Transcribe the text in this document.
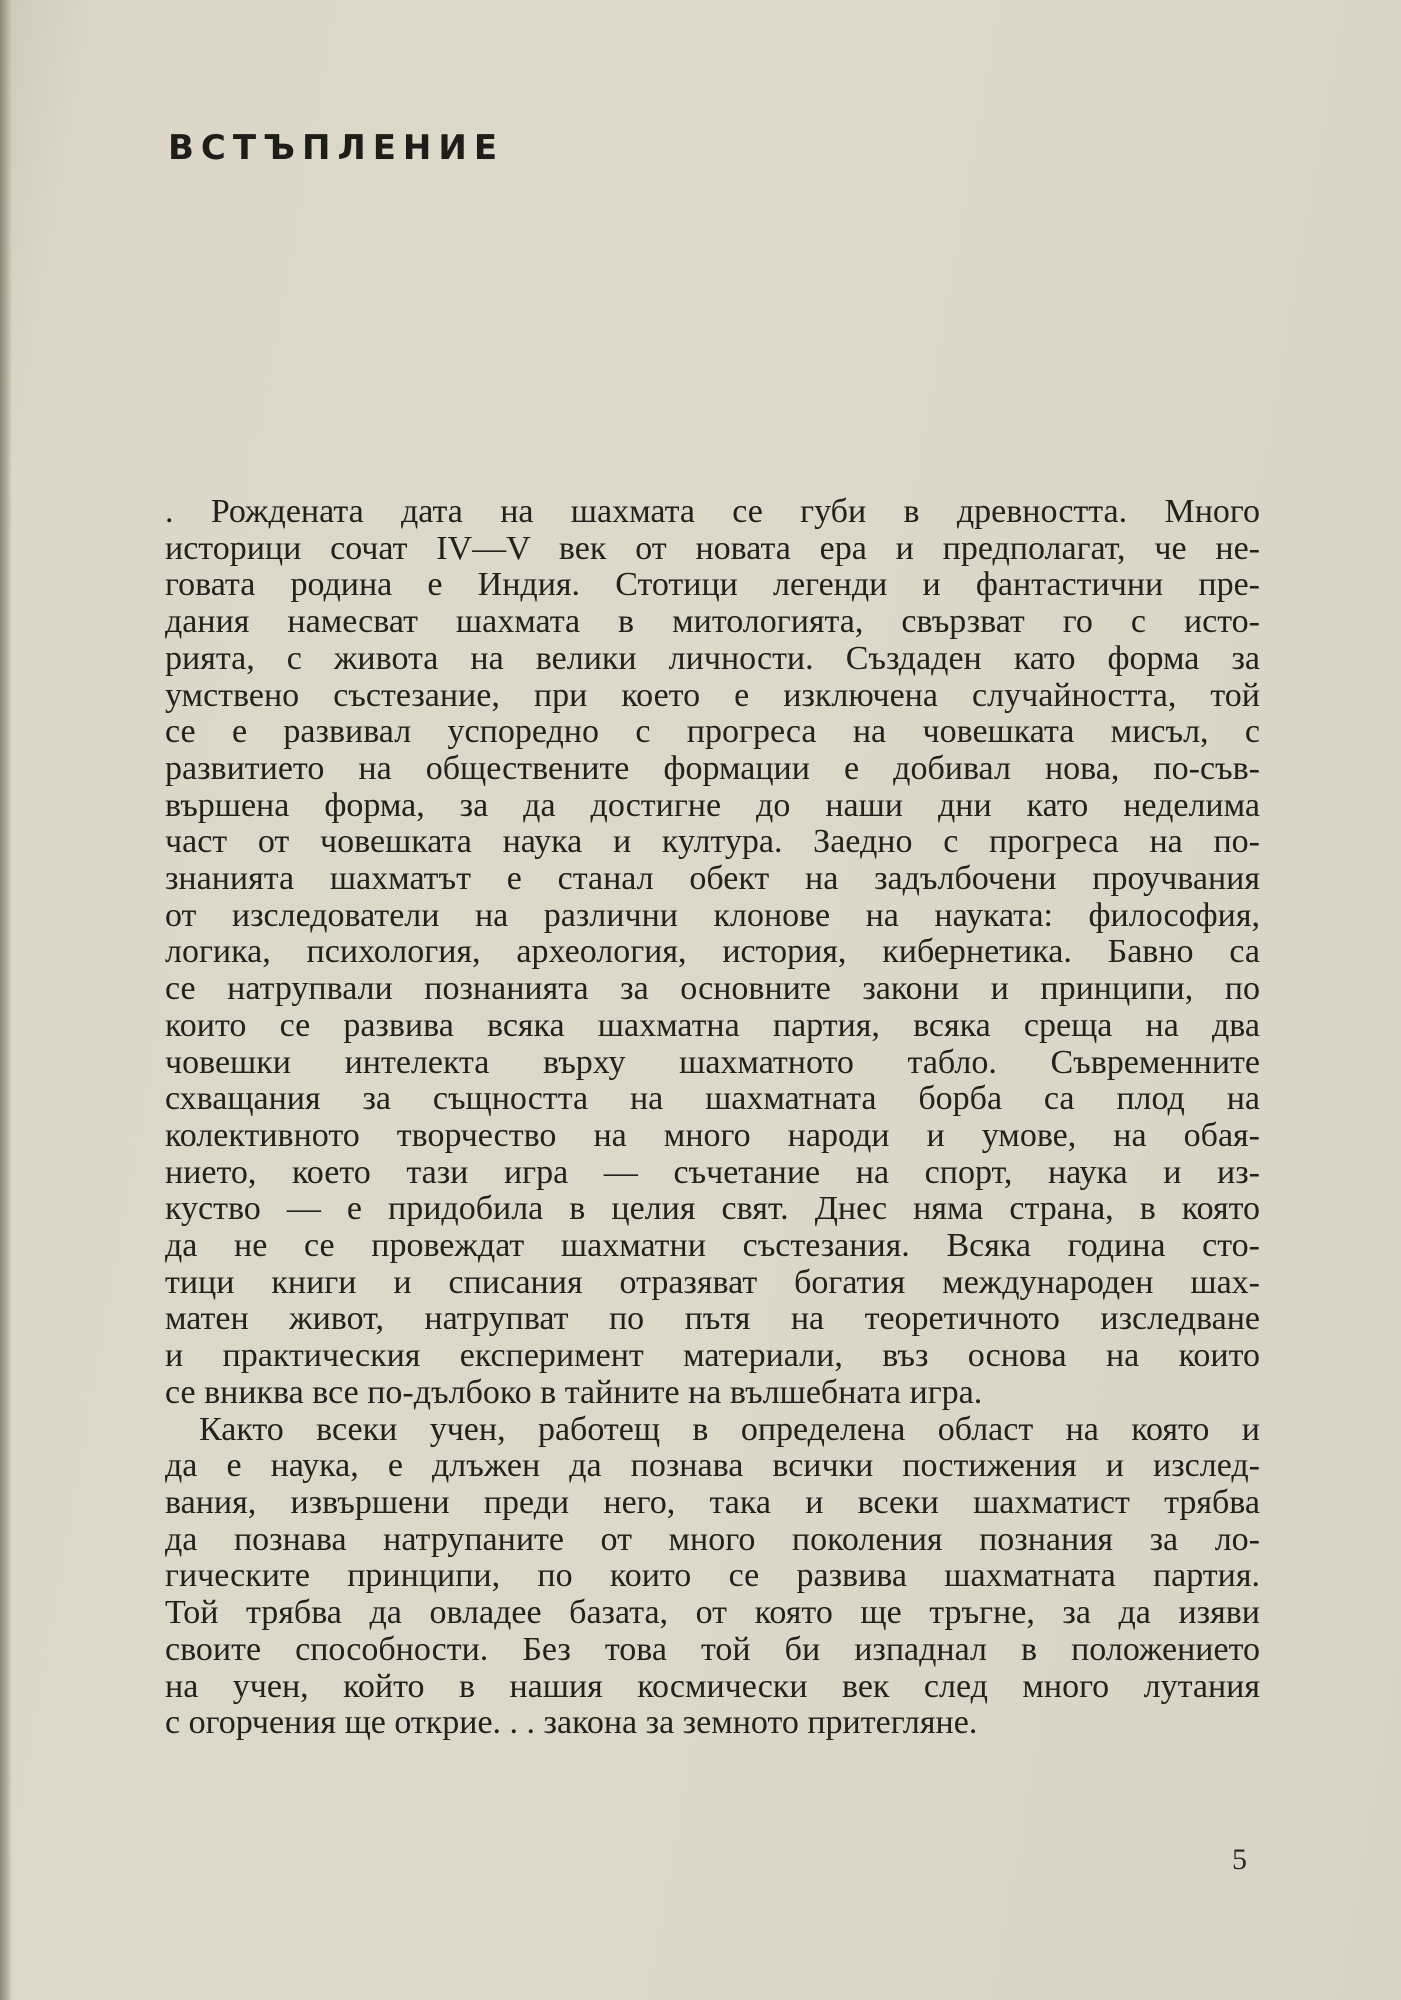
ВСТЪПЛЕНИЕ
. Рождената дата на шахмата се губи в древността. Много
историци сочат IV—V век от новата ера и предполагат, че не-
говата родина е Индия. Стотици легенди и фантастични пре-
дания намесват шахмата в митологията, свързват го с исто-
рията, с живота на велики личности. Създаден като форма за
умствено състезание, при което е изключена случайността, той
се е развивал успоредно с прогреса на човешката мисъл, с
развитието на обществените формации е добивал нова, по-съв-
вършена форма, за да достигне до наши дни като неделима
част от човешката наука и култура. Заедно с прогреса на по-
знанията шахматът е станал обект на задълбочени проучвания
от изследователи на различни клонове на науката: философия,
логика, психология, археология, история, кибернетика. Бавно са
се натрупвали познанията за основните закони и принципи, по
които се развива всяка шахматна партия, всяка среща на два
човешки интелекта върху шахматното табло. Съвременните
схващания за същността на шахматната борба са плод на
колективното творчество на много народи и умове, на обая-
нието, което тази игра — съчетание на спорт, наука и из-
куство — е придобила в целия свят. Днес няма страна, в която
да не се провеждат шахматни състезания. Всяка година сто-
тици книги и списания отразяват богатия международен шах-
матен живот, натрупват по пътя на теоретичното изследване
и практическия експеримент материали, въз основа на които
се вниква все по-дълбоко в тайните на вълшебната игра.
Както всеки учен, работещ в определена област на която и
да е наука, е длъжен да познава всички постижения и изслед-
вания, извършени преди него, така и всеки шахматист трябва
да познава натрупаните от много поколения познания за ло-
гическите принципи, по които се развива шахматната партия.
Той трябва да овладее базата, от която ще тръгне, за да изяви
своите способности. Без това той би изпаднал в положението
на учен, който в нашия космически век след много лутания
с огорчения ще открие. . . закона за земното притегляне.
5
